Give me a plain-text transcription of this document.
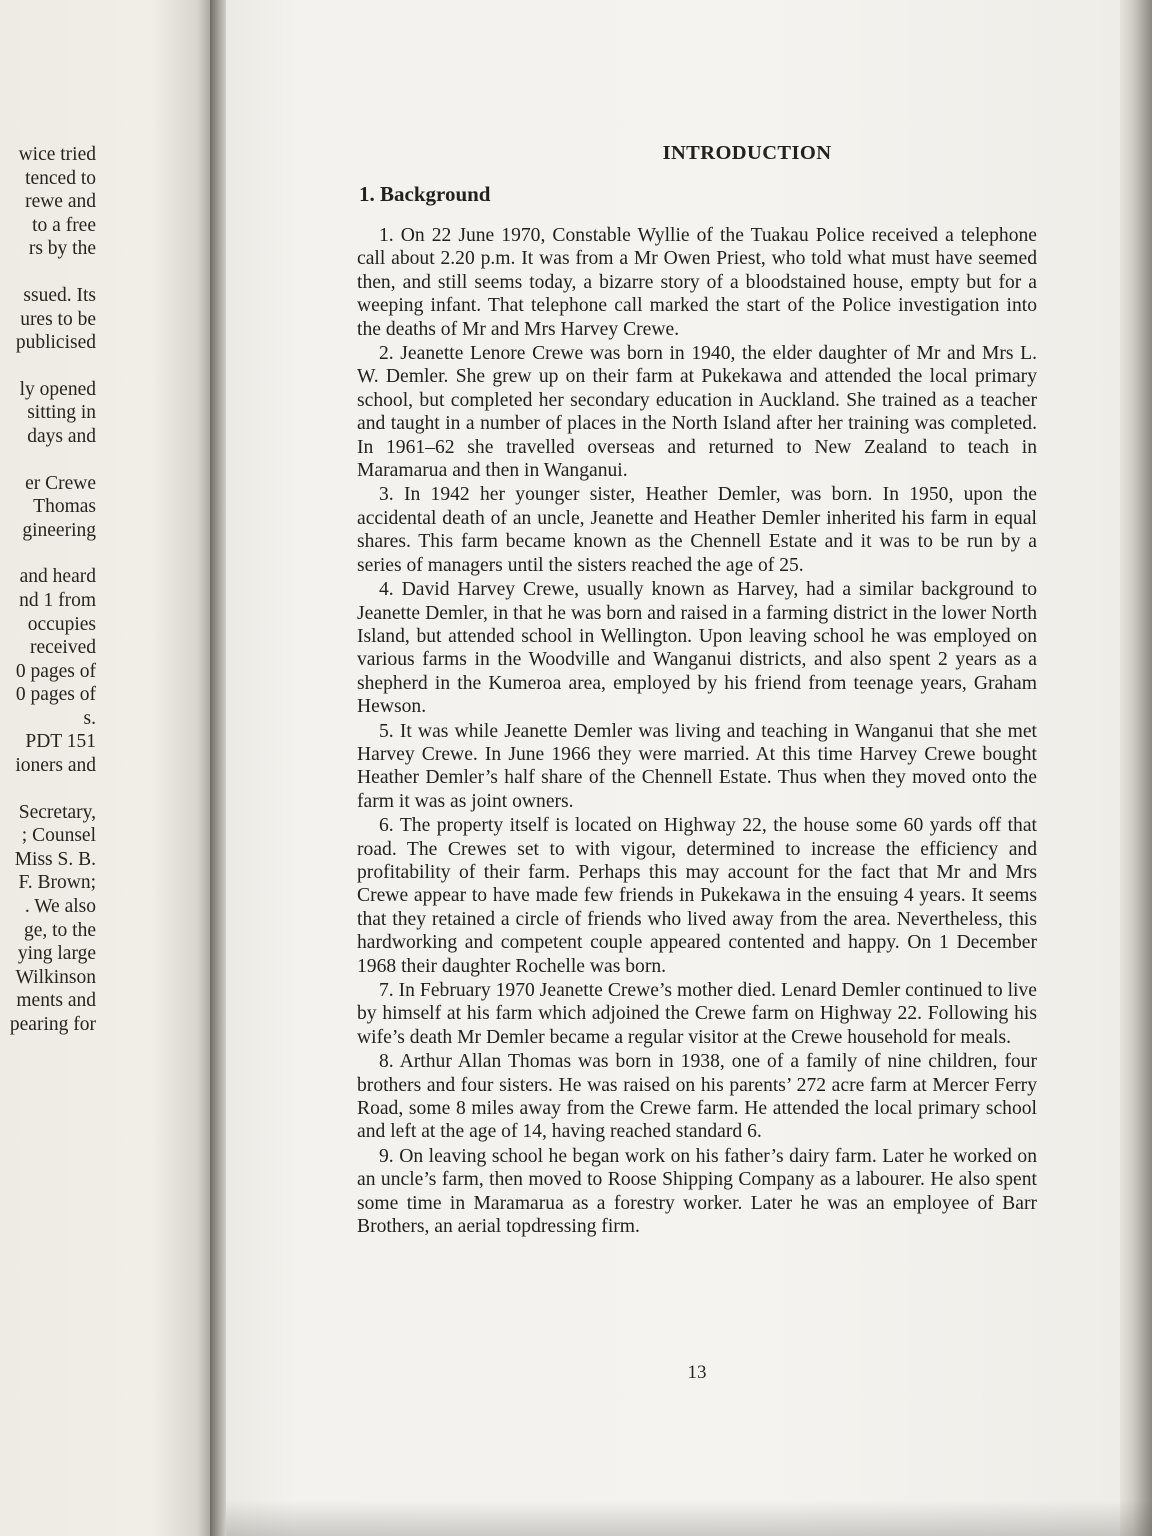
wice tried
tenced to
rewe and
to a free
rs by the
ssued. Its
ures to be
publicised
ly opened
sitting in
days and
er Crewe
Thomas
gineering
and heard
nd 1 from
occupies
received
0 pages of
0 pages of
s.
PDT 151
ioners and
Secretary,
; Counsel
Miss S. B.
F. Brown;
. We also
ge, to the
ying large
Wilkinson
ments and
pearing for
INTRODUCTION
1. Background

1. On 22 June 1970, Constable Wyllie of the Tuakau Police received a telephone call about 2.20 p.m. It was from a Mr Owen Priest, who told what must have seemed then, and still seems today, a bizarre story of a bloodstained house, empty but for a weeping infant. That telephone call marked the start of the Police investigation into the deaths of Mr and Mrs Harvey Crewe.

2. Jeanette Lenore Crewe was born in 1940, the elder daughter of Mr and Mrs L. W. Demler. She grew up on their farm at Pukekawa and attended the local primary school, but completed her secondary education in Auckland. She trained as a teacher and taught in a number of places in the North Island after her training was completed. In 1961–62 she travelled overseas and returned to New Zealand to teach in Maramarua and then in Wanganui.

3. In 1942 her younger sister, Heather Demler, was born. In 1950, upon the accidental death of an uncle, Jeanette and Heather Demler inherited his farm in equal shares. This farm became known as the Chennell Estate and it was to be run by a series of managers until the sisters reached the age of 25.

4. David Harvey Crewe, usually known as Harvey, had a similar background to Jeanette Demler, in that he was born and raised in a farming district in the lower North Island, but attended school in Wellington. Upon leaving school he was employed on various farms in the Woodville and Wanganui districts, and also spent 2 years as a shepherd in the Kumeroa area, employed by his friend from teenage years, Graham Hewson.

5. It was while Jeanette Demler was living and teaching in Wanganui that she met Harvey Crewe. In June 1966 they were married. At this time Harvey Crewe bought Heather Demler’s half share of the Chennell Estate. Thus when they moved onto the farm it was as joint owners.

6. The property itself is located on Highway 22, the house some 60 yards off that road. The Crewes set to with vigour, determined to increase the efficiency and profitability of their farm. Perhaps this may account for the fact that Mr and Mrs Crewe appear to have made few friends in Pukekawa in the ensuing 4 years. It seems that they retained a circle of friends who lived away from the area. Nevertheless, this hardworking and competent couple appeared contented and happy. On 1 December 1968 their daughter Rochelle was born.

7. In February 1970 Jeanette Crewe’s mother died. Lenard Demler continued to live by himself at his farm which adjoined the Crewe farm on Highway 22. Following his wife’s death Mr Demler became a regular visitor at the Crewe household for meals.

8. Arthur Allan Thomas was born in 1938, one of a family of nine children, four brothers and four sisters. He was raised on his parents’ 272 acre farm at Mercer Ferry Road, some 8 miles away from the Crewe farm. He attended the local primary school and left at the age of 14, having reached standard 6.

9. On leaving school he began work on his father’s dairy farm. Later he worked on an uncle’s farm, then moved to Roose Shipping Company as a labourer. He also spent some time in Maramarua as a forestry worker. Later he was an employee of Barr Brothers, an aerial topdressing firm.

13
